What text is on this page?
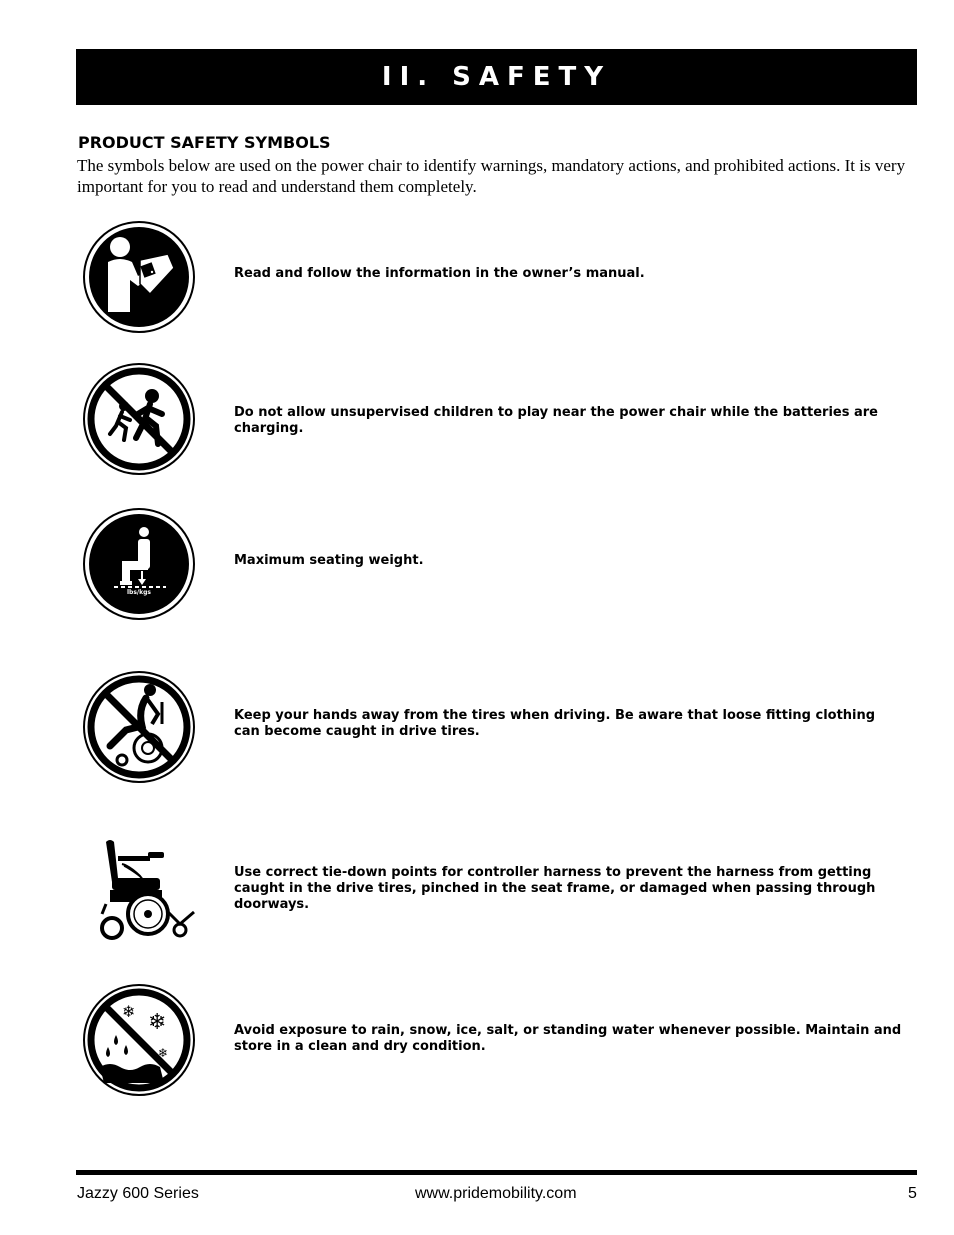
II. SAFETY
PRODUCT SAFETY SYMBOLS

The symbols below are used on the power chair to identify warnings, mandatory actions, and prohibited actions. It is very important for you to read and understand them completely.

Read and follow the information in the owner’s manual.

Do not allow unsupervised children to play near the power chair while the batteries are charging.

lbs/kgs

Maximum seating weight.

Keep your hands away from the tires when driving. Be aware that loose fitting clothing can become caught in drive tires.

Use correct tie-down points for controller harness to prevent the harness from getting caught in the drive tires, pinched in the seat frame, or damaged when passing through doorways.

❄ ❄
❄

Avoid exposure to rain, snow, ice, salt, or standing water whenever possible. Maintain and store in a clean and dry condition.

Jazzy 600 Series	www.pridemobility.com	5
